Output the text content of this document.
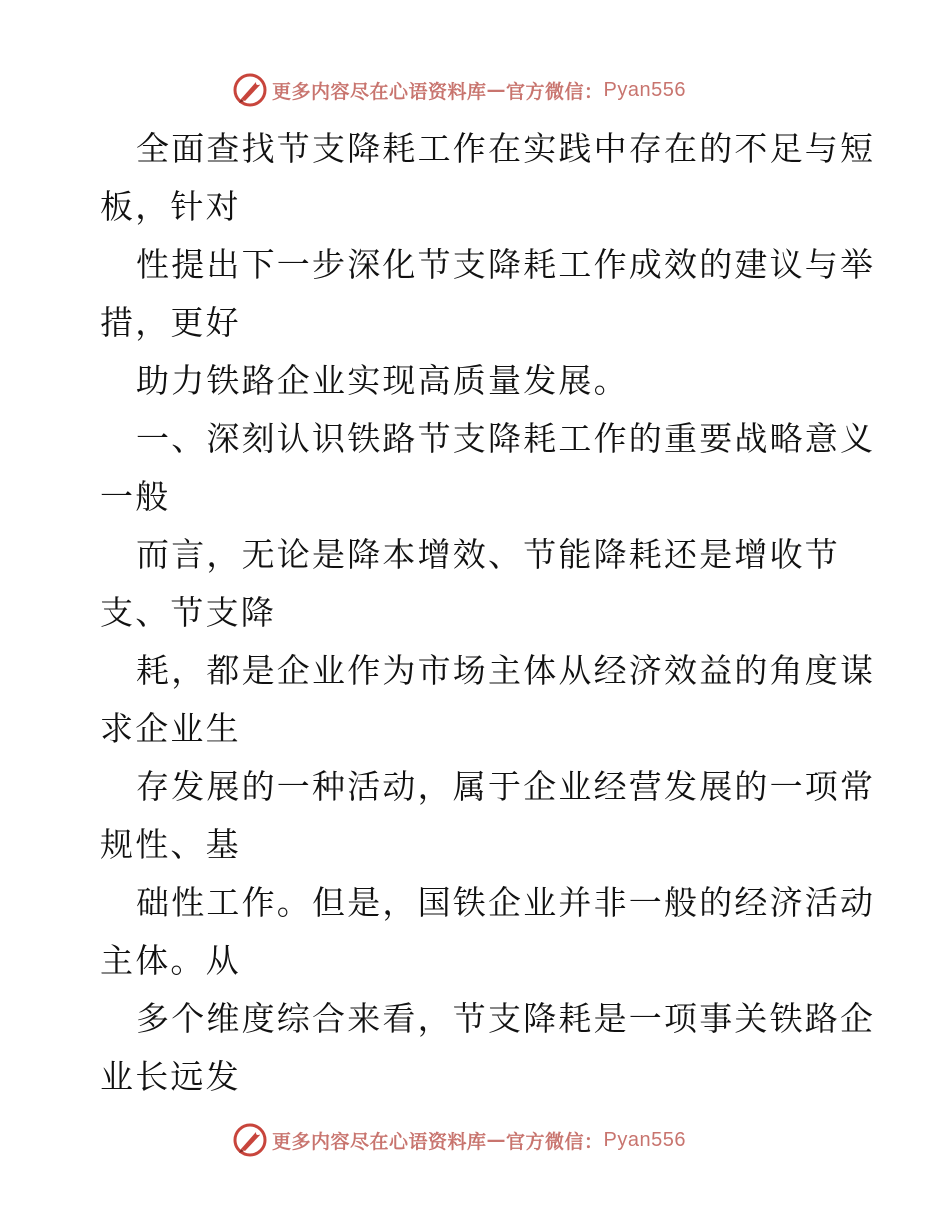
更多内容尽在心语资料库 — 官方微信： Pyan556
全面查找节支降耗工作在实践中存在的不足与短
板，针对
性提出下一步深化节支降耗工作成效的建议与举
措，更好
助力铁路企业实现高质量发展。
一、深刻认识铁路节支降耗工作的重要战略意义
一般
而言，无论是降本增效、节能降耗还是增收节
支、节支降
耗，都是企业作为市场主体从经济效益的角度谋
求企业生
存发展的一种活动，属于企业经营发展的一项常
规性、基
础性工作。但是，国铁企业并非一般的经济活动
主体。从
多个维度综合来看，节支降耗是一项事关铁路企
业长远发
更多内容尽在心语资料库 — 官方微信： Pyan556
